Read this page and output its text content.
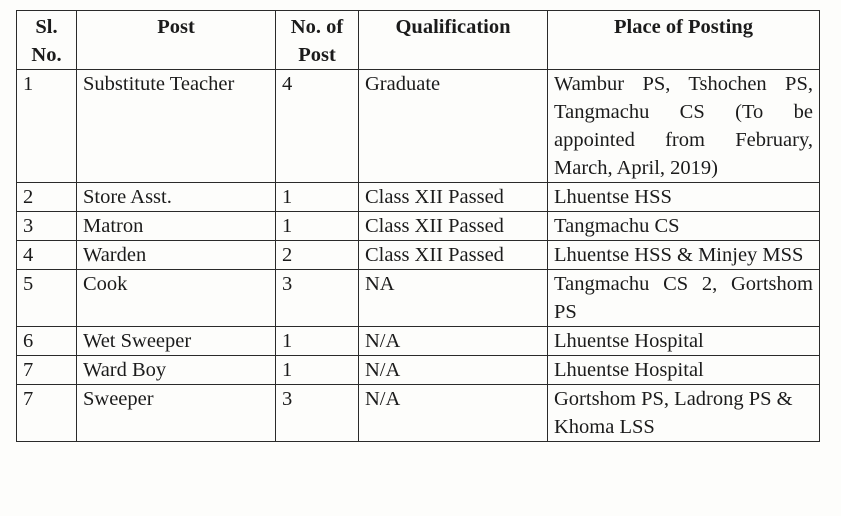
Sl. No.	Post	No. of Post	Qualification	Place of Posting
1	Substitute Teacher	4	Graduate	Wambur PS, Tshochen PS, Tangmachu CS (To be appointed from February, March, April, 2019)
2	Store Asst.	1	Class XII Passed	Lhuentse HSS
3	Matron	1	Class XII Passed	Tangmachu CS
4	Warden	2	Class XII Passed	Lhuentse HSS & Minjey MSS
5	Cook	3	NA	Tangmachu CS 2, Gortshom PS
6	Wet Sweeper	1	N/A	Lhuentse Hospital
7	Ward Boy	1	N/A	Lhuentse Hospital
7	Sweeper	3	N/A	Gortshom PS, Ladrong PS & Khoma LSS
